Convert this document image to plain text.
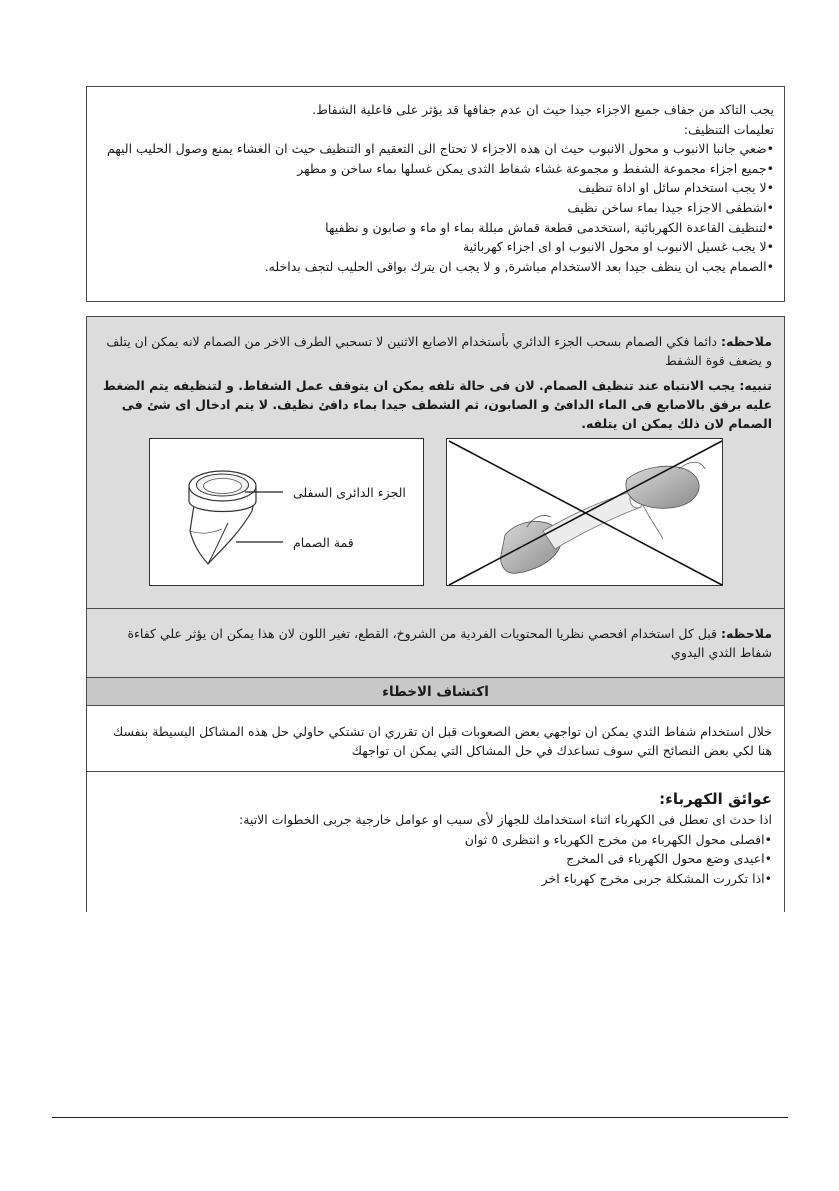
يجب التاكد من جفاف جميع الاجزاء جيدا حيث ان عدم جفافها قد يؤثر على فاعلية الشفاط.

تعليمات التنظيف:

•ضعي جانبا الانبوب و محول الانبوب حيث ان هذه الاجزاء لا تحتاج الى التعقيم او التنظيف حيث ان الغشاء يمنع وصول الحليب اليهم

•جميع اجزاء مجموعة الشفط و مجموعة غشاء شفاط الثدى يمكن غسلها بماء ساخن و مطهر

•لا يجب استخدام سائل او اداة تنظيف

•اشطفى الاجزاء جيدا بماء ساخن نظيف

•لتنظيف القاعدة الكهربائية ,استخدمى قطعة قماش مبللة بماء او ماء و صابون و نظفيها

•لا يجب غسيل الانبوب او محول الانبوب او اى اجزاء كهربائية

•الصمام يجب ان ينظف جيدا بعد الاستخدام مباشرة, و لا يجب ان يترك بواقى الحليب لتجف بداخله.

ملاحظه: دائما فكي الصمام بسحب الجزء الدائري بأستخدام الاصابع الاثنين لا تسحبي الطرف الاخر من الصمام لانه يمكن ان يتلف و يضعف قوة الشفط

تنبيه: يجب الانتباه عند تنظيف الصمام. لان فى حالة تلفه يمكن ان يتوقف عمل الشفاط. و لتنظيفه يتم الضغط عليه برفق بالاصابع فى الماء الدافئ و الصابون، ثم الشطف جيدا بماء دافئ نظيف. لا يتم ادخال اى شئ فى الصمام لان ذلك يمكن ان يتلفه.

الجزء الدائرى السفلى
قمة الصمام

ملاحظه: قبل كل استخدام افحصي نظريا المحتويات الفردية من الشروخ، القطع، تغير اللون لان هذا يمكن ان يؤثر علي كفاءة شفاط الثدي اليدوي

اكتشاف الاخطاء

خلال استخدام شفاط الثدي يمكن ان تواجهي بعض الصعوبات قبل ان تقرري ان تشتكي حاولي حل هذه المشاكل البسيطة بنفسك هنا لكي بعض النصائح التي سوف تساعدك في حل المشاكل التي يمكن ان تواجهك

عوائق الكهرباء:

اذا حدث اى تعطل فى الكهرباء اثناء استخدامك للجهاز لأى سبب او عوامل خارجية جربى الخطوات الاتية:

•افصلى محول الكهرباء من مخرج الكهرباء و انتظرى ٥ ثوان

•اعيدى وضع محول الكهرباء فى المخرج

•اذا تكررت المشكلة جربى مخرج كهرباء اخر
